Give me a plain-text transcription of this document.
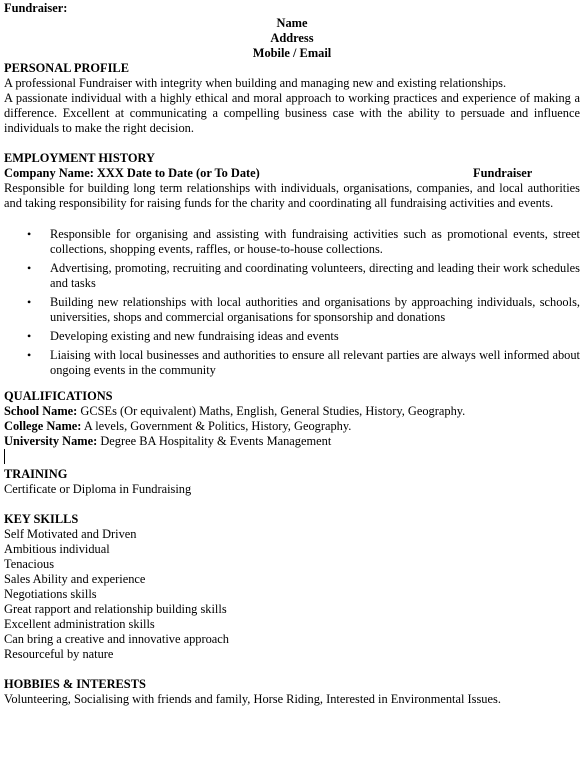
Fundraiser:
Name
Address
Mobile / Email
PERSONAL PROFILE

A professional Fundraiser with integrity when building and managing new and existing relationships.

A passionate individual with a highly ethical and moral approach to working practices and experience of making a difference. Excellent at communicating a compelling business case with the ability to persuade and influence individuals to make the right decision.

EMPLOYMENT HISTORY
Company Name: XXX Date to Date (or To Date)	Fundraiser

Responsible for building long term relationships with individuals, organisations, companies, and local authorities and taking responsibility for raising funds for the charity and coordinating all fundraising activities and events.

• Responsible for organising and assisting with fundraising activities such as promotional events, street collections, shopping events, raffles, or house-to-house collections.
• Advertising, promoting, recruiting and coordinating volunteers, directing and leading their work schedules and tasks
• Building new relationships with local authorities and organisations by approaching individuals, schools, universities, shops and commercial organisations for sponsorship and donations
• Developing existing and new fundraising ideas and events
• Liaising with local businesses and authorities to ensure all relevant parties are always well informed about ongoing events in the community
QUALIFICATIONS
School Name: GCSEs (Or equivalent) Maths, English, General Studies, History, Geography.
College Name: A levels, Government & Politics, History, Geography.
University Name: Degree BA Hospitality & Events Management
TRAINING
Certificate or Diploma in Fundraising
KEY SKILLS
Self Motivated and Driven
Ambitious individual
Tenacious
Sales Ability and experience
Negotiations skills
Great rapport and relationship building skills
Excellent administration skills
Can bring a creative and innovative approach
Resourceful by nature
HOBBIES & INTERESTS
Volunteering, Socialising with friends and family, Horse Riding, Interested in Environmental Issues.
